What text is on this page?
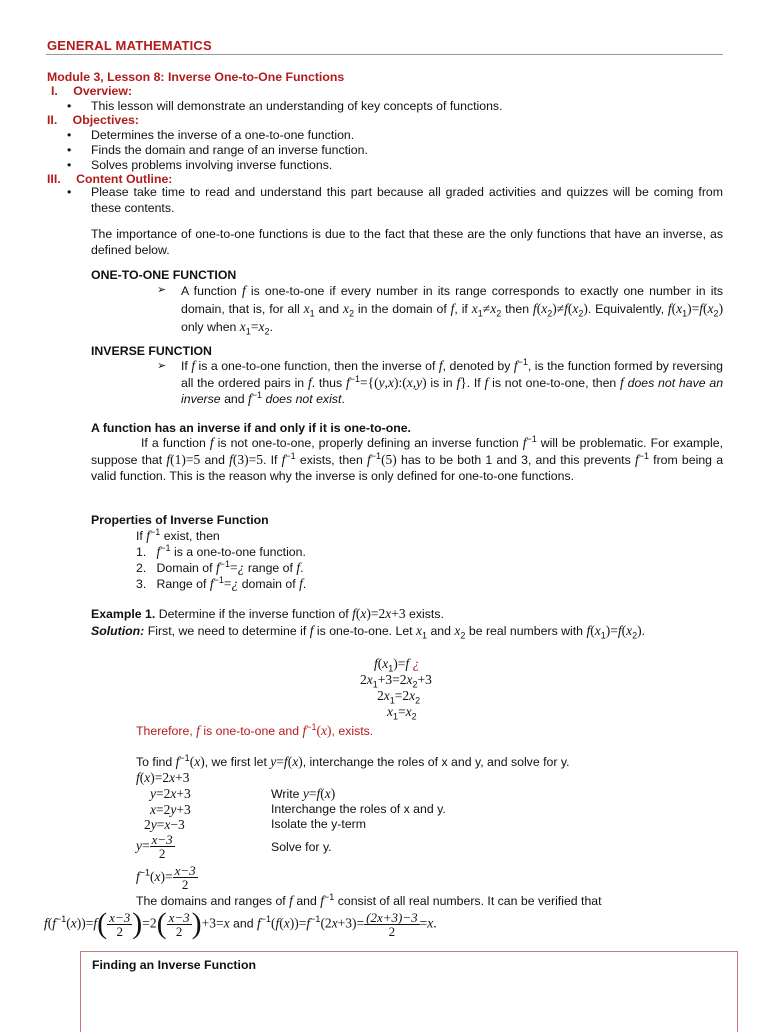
GENERAL MATHEMATICS
Module 3, Lesson 8: Inverse One-to-One Functions
I. Overview:
• This lesson will demonstrate an understanding of key concepts of functions.
II. Objectives:
• Determines the inverse of a one-to-one function.
• Finds the domain and range of an inverse function.
• Solves problems involving inverse functions.
III. Content Outline:
• Please take time to read and understand this part because all graded activities and quizzes will be coming from these contents.
The importance of one-to-one functions is due to the fact that these are the only functions that have an inverse, as defined below.
ONE-TO-ONE FUNCTION
➢ A function f is one-to-one if every number in its range corresponds to exactly one number in its domain, that is, for all $x_1$ and $x_2$ in the domain of f, if $x_1\ne x_2$ then $f(x_2)\ne f(x_2)$. Equivalently, $f(x_1)=f(x_2)$ only when $x_1=x_2$.
INVERSE FUNCTION
➢ If f is a one-to-one function, then the inverse of f, denoted by $f^{-1}$, is the function formed by reversing all the ordered pairs in f. thus $f^{-1}=\{(y,x):(x,y)$ is in f}. If f is not one-to-one, then f does not have an inverse and $f^{-1}$ does not exist.
A function has an inverse if and only if it is one-to-one.
If a function f is not one-to-one, properly defining an inverse function $f^{-1}$ will be problematic. For example, suppose that f(1)=5 and f(3)=5. If $f^{-1}$ exists, then $f^{-1}(5)$ has to be both 1 and 3, and this prevents $f^{-1}$ from being a valid function. This is the reason why the inverse is only defined for one-to-one functions.
Properties of Inverse Function
If $f^{-1}$ exist, then
1. $f^{-1}$ is a one-to-one function.
2. Domain of $f^{-1}=¿$ range of f.
3. Range of $f^{-1}=¿$ domain of f.
Example 1. Determine if the inverse function of f(x)=2x+3 exists.
Solution: First, we need to determine if f is one-to-one. Let $x_1$ and $x_2$ be real numbers with $f(x_1)=f(x_2)$.
$f(x_1)=f$ ¿
$2x_1+3=2x_2+3$
$2x_1=2x_2$
$x_1=x_2$
Therefore, f is one-to-one and $f^{-1}(x)$, exists.
To find $f^{-1}(x)$, we first let y=f(x), interchange the roles of x and y, and solve for y.
f(x)=2x+3
y=2x+3	Write y=f(x)
x=2y+3	Interchange the roles of x and y.
2y=x−3	Isolate the y-term
$y= \frac{x-3}{2}$	Solve for y.
$f^{-1}(x)= \frac{x-3}{2}$
The domains and ranges of f and $f^{-1}$ consist of all real numbers. It can be verified that
$f(f^{-1}(x))=f( \frac{x-3}{2} )=2( \frac{x-3}{2} )+3=x$ and $f^{-1}(f(x))=f^{-1}(2x+3)= \frac{(2x+3)-3}{2} =x$.
Finding an Inverse Function
